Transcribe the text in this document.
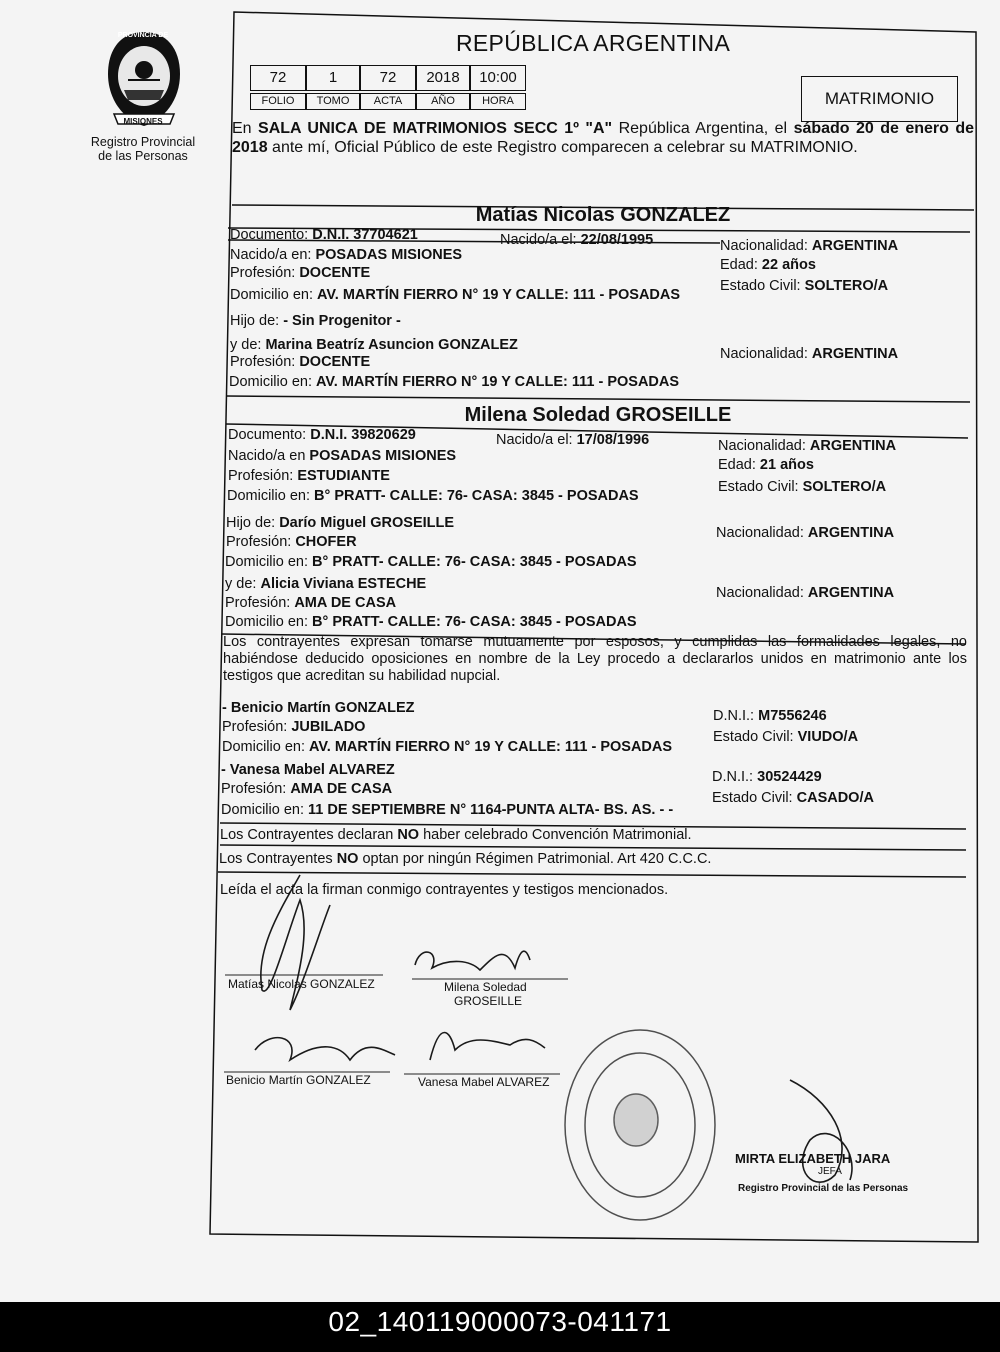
PROVINCIA DE
MISIONES
Registro Provincial
de las Personas
REPÚBLICA ARGENTINA
72	1	72	2018	10:00
FOLIO	TOMO	ACTA	AÑO	HORA	MATRIMONIO
En SALA UNICA DE MATRIMONIOS SECC 1º "A" República Argentina, el sábado 20 de enero de 2018 ante mí, Oficial Público de este Registro comparecen a celebrar su MATRIMONIO.
Matías Nicolas GONZALEZ
Documento: D.N.I. 37704621	Nacido/a el: 22/08/1995	Nacionalidad: ARGENTINA
Nacido/a en: POSADAS MISIONES
Edad: 22 años
Profesión: DOCENTE
Estado Civil: SOLTERO/A
Domicilio en: AV. MARTÍN FIERRO N° 19 Y CALLE: 111 - POSADAS
Hijo de: - Sin Progenitor -
y de: Marina Beatríz Asuncion GONZALEZ
Nacionalidad: ARGENTINA
Profesión: DOCENTE
Domicilio en: AV. MARTÍN FIERRO N° 19 Y CALLE: 111 - POSADAS
Milena Soledad GROSEILLE
Documento: D.N.I. 39820629	Nacido/a el: 17/08/1996	Nacionalidad: ARGENTINA
Nacido/a en POSADAS MISIONES
Edad: 21 años
Profesión: ESTUDIANTE
Estado Civil: SOLTERO/A
Domicilio en: B° PRATT- CALLE: 76- CASA: 3845 - POSADAS
Hijo de: Darío Miguel GROSEILLE
Nacionalidad: ARGENTINA
Profesión: CHOFER
Domicilio en: B° PRATT- CALLE: 76- CASA: 3845 - POSADAS
y de: Alicia Viviana ESTECHE
Nacionalidad: ARGENTINA
Profesión: AMA DE CASA
Domicilio en: B° PRATT- CALLE: 76- CASA: 3845 - POSADAS
Los contrayentes expresan tomarse mutuamente por esposos, y cumplidas las formalidades legales, no habiéndose deducido oposiciones en nombre de la Ley procedo a declararlos unidos en matrimonio ante los testigos que acreditan su habilidad nupcial.
- Benicio Martín GONZALEZ	D.N.I.: M7556246
Profesión: JUBILADO
Estado Civil: VIUDO/A
Domicilio en: AV. MARTÍN FIERRO N° 19 Y CALLE: 111 - POSADAS
- Vanesa Mabel ALVAREZ	D.N.I.: 30524429
Profesión: AMA DE CASA
Estado Civil: CASADO/A
Domicilio en: 11 DE SEPTIEMBRE N° 1164-PUNTA ALTA- BS. AS. - -
Los Contrayentes declaran NO haber celebrado Convención Matrimonial.
Los Contrayentes NO optan por ningún Régimen Patrimonial. Art 420 C.C.C.
Leída el acta la firman conmigo contrayentes y testigos mencionados.
Matías Nicolas GONZALEZ	Milena Soledad
GROSEILLE
Benicio Martín GONZALEZ	Vanesa Mabel ALVAREZ
MIRTA ELIZABETH JARA
JEFA
Registro Provincial de las Personas
02_140119000073-041171
